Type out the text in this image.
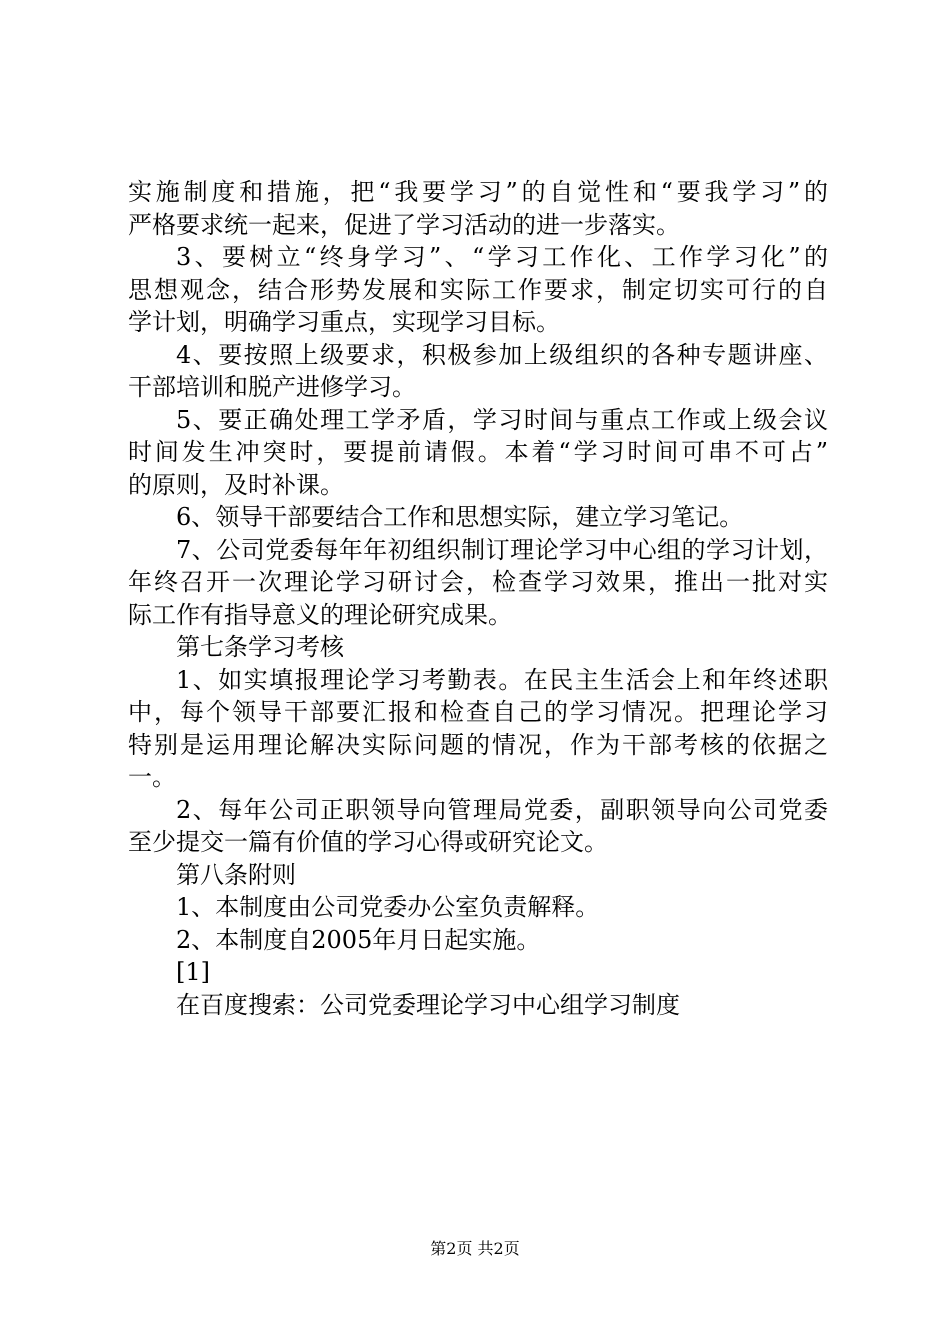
实施制度和措施，把“我要学习”的自觉性和“要我学习”的
严格要求统一起来，促进了学习活动的进一步落实。
3、要树立“终身学习”、“学习工作化、工作学习化”的
思想观念，结合形势发展和实际工作要求，制定切实可行的自
学计划，明确学习重点，实现学习目标。
4、要按照上级要求，积极参加上级组织的各种专题讲座、
干部培训和脱产进修学习。
5、要正确处理工学矛盾，学习时间与重点工作或上级会议
时间发生冲突时，要提前请假。本着“学习时间可串不可占”
的原则，及时补课。
6、领导干部要结合工作和思想实际，建立学习笔记。
7、公司党委每年年初组织制订理论学习中心组的学习计划，
年终召开一次理论学习研讨会，检查学习效果，推出一批对实
际工作有指导意义的理论研究成果。
第七条学习考核
1、如实填报理论学习考勤表。在民主生活会上和年终述职
中，每个领导干部要汇报和检查自己的学习情况。把理论学习
特别是运用理论解决实际问题的情况，作为干部考核的依据之
一。
2、每年公司正职领导向管理局党委，副职领导向公司党委
至少提交一篇有价值的学习心得或研究论文。
第八条附则
1、本制度由公司党委办公室负责解释。
2、本制度自2005年月日起实施。
[1]
在百度搜索：公司党委理论学习中心组学习制度
第2页 共2页
